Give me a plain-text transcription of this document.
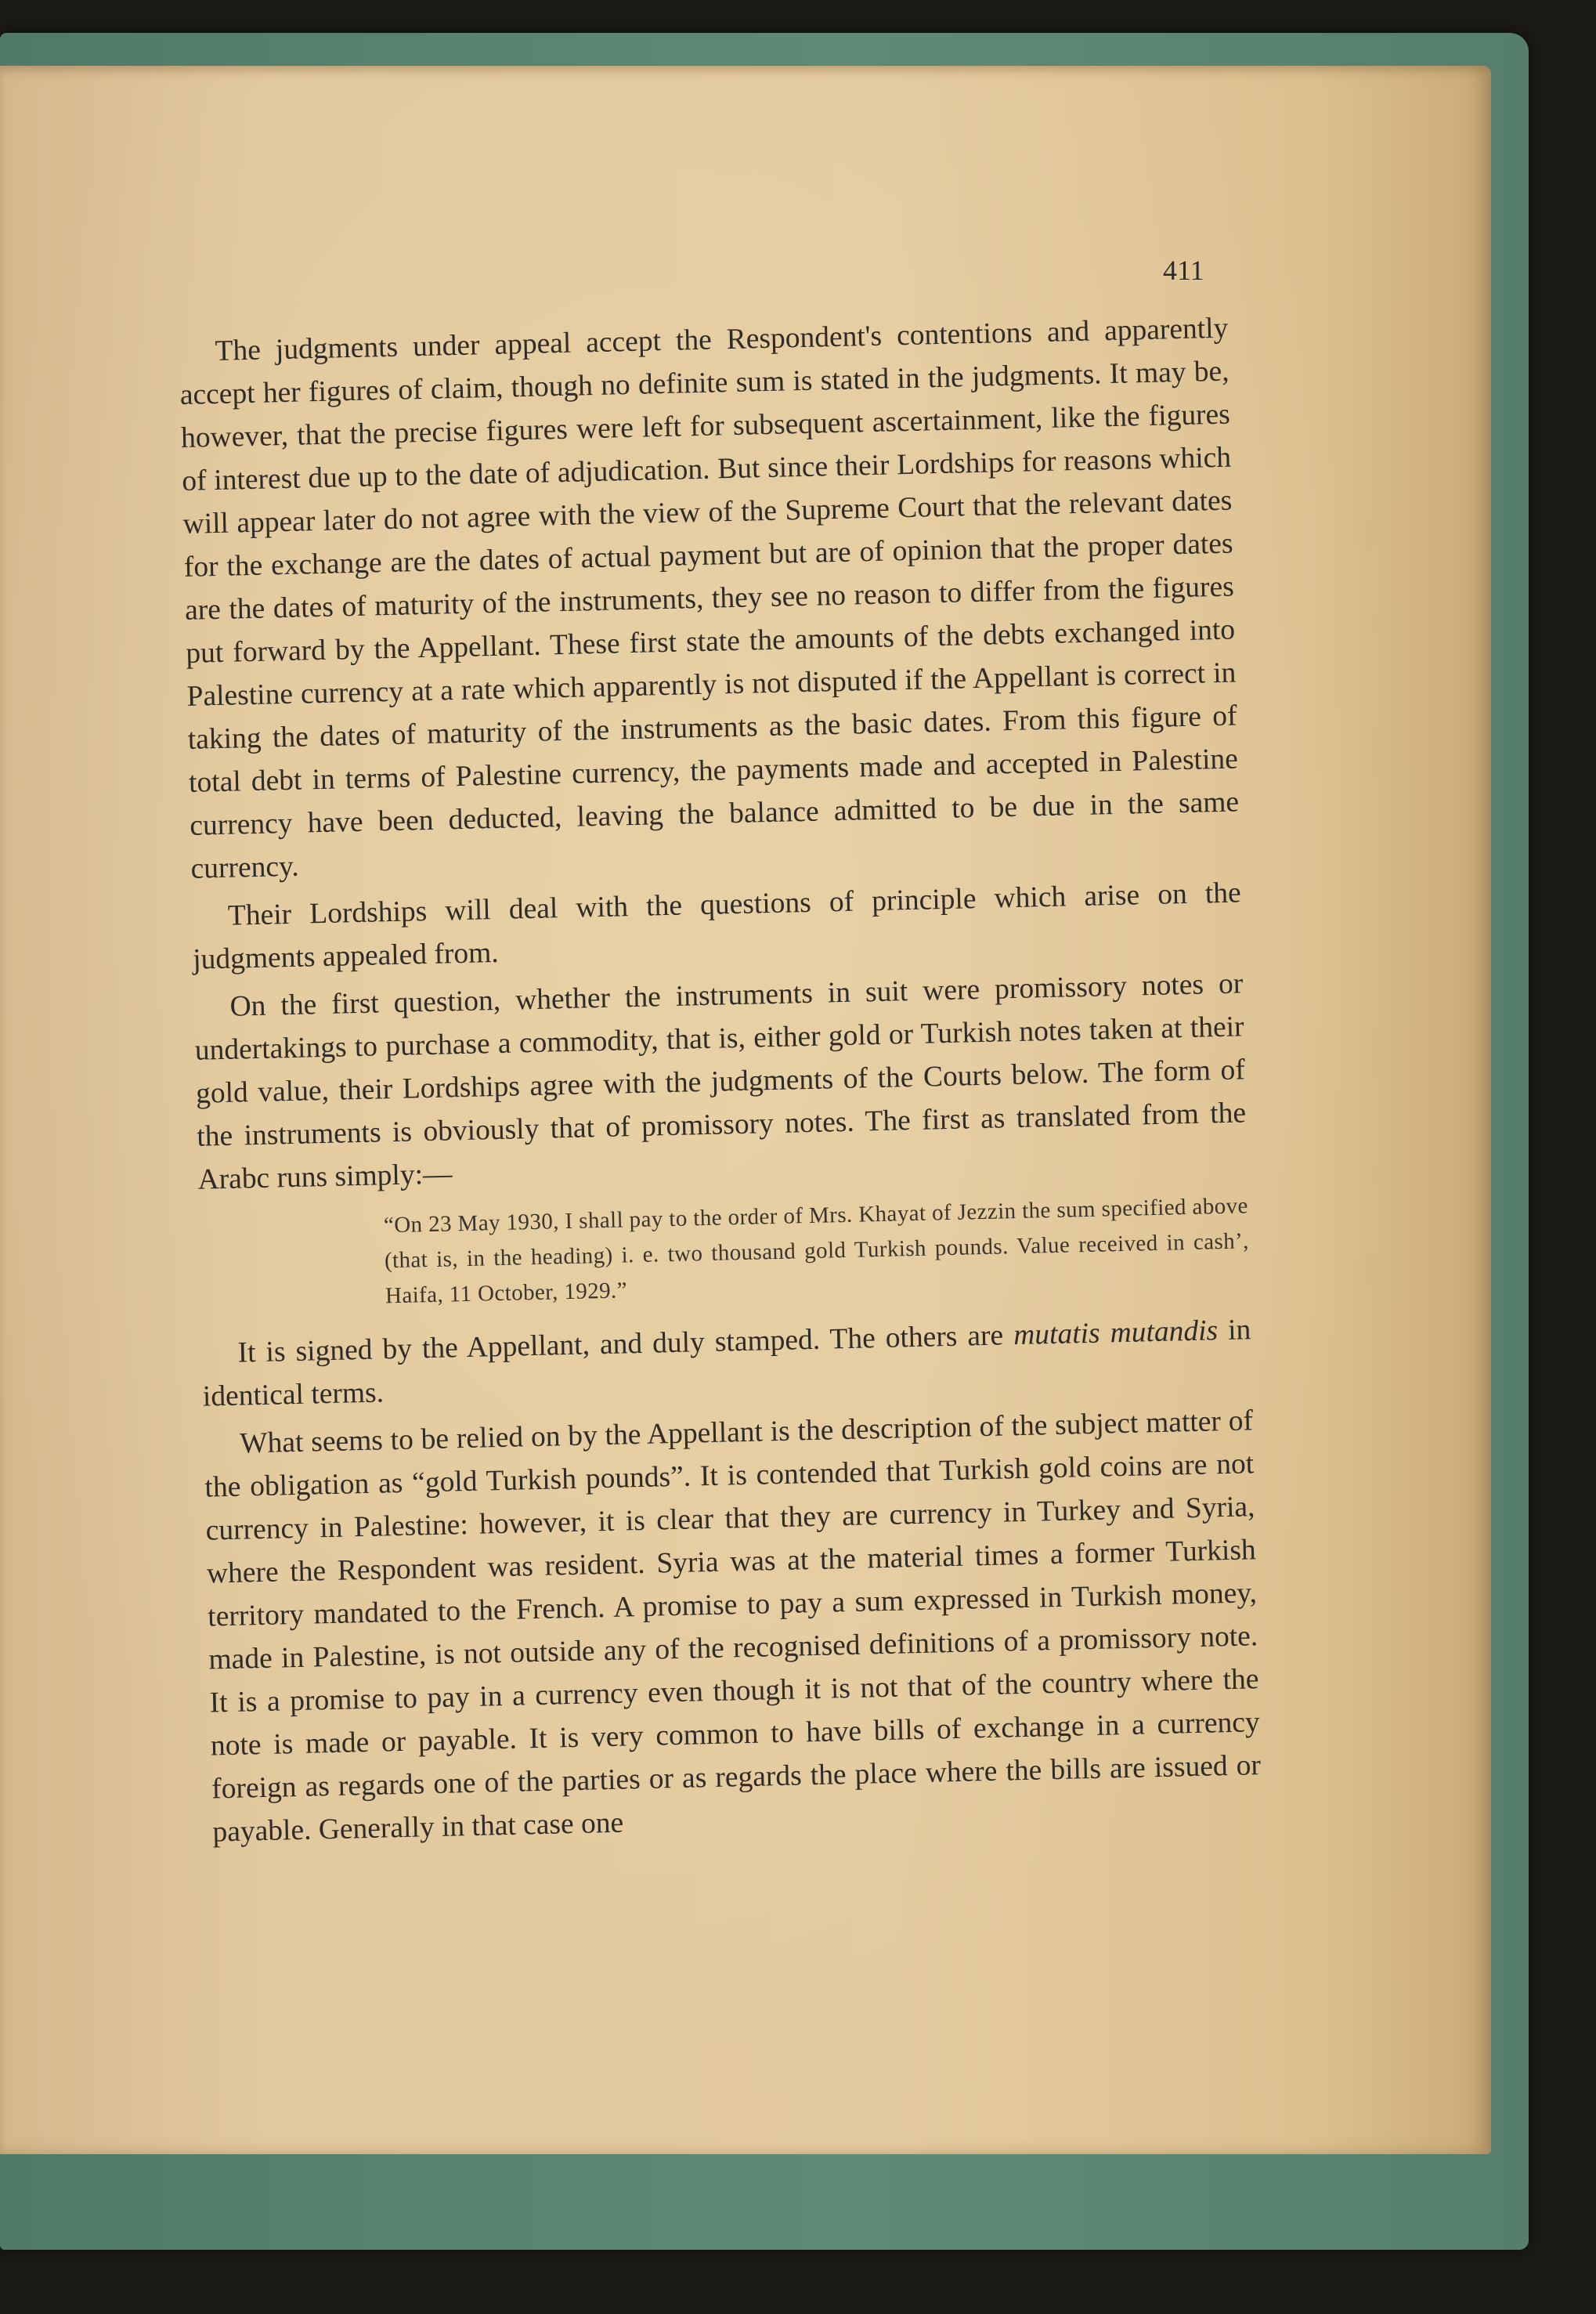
411

The judgments under appeal accept the Respondent's contentions and apparently accept her figures of claim, though no definite sum is stated in the judgments. It may be, however, that the precise figures were left for subsequent ascertainment, like the figures of interest due up to the date of adjudication. But since their Lordships for reasons which will appear later do not agree with the view of the Supreme Court that the relevant dates for the exchange are the dates of actual payment but are of opinion that the proper dates are the dates of maturity of the instruments, they see no reason to differ from the figures put forward by the Appellant. These first state the amounts of the debts exchanged into Palestine currency at a rate which apparently is not disputed if the Appellant is correct in taking the dates of maturity of the instruments as the basic dates. From this figure of total debt in terms of Palestine currency, the payments made and accepted in Palestine currency have been deducted, leaving the balance admitted to be due in the same currency.

Their Lordships will deal with the questions of principle which arise on the judgments appealed from.

On the first question, whether the instruments in suit were promissory notes or undertakings to purchase a commodity, that is, either gold or Turkish notes taken at their gold value, their Lordships agree with the judgments of the Courts below. The form of the instruments is obviously that of promissory notes. The first as translated from the Arabc runs simply:—

“On 23 May 1930, I shall pay to the order of Mrs. Khayat of Jezzin the sum specified above (that is, in the heading) i. e. two thousand gold Turkish pounds. Value received in cash’, Haifa, 11 October, 1929.”

It is signed by the Appellant, and duly stamped. The others are mutatis mutandis in identical terms.

What seems to be relied on by the Appellant is the description of the subject matter of the obligation as “gold Turkish pounds”. It is contended that Turkish gold coins are not currency in Palestine: however, it is clear that they are currency in Turkey and Syria, where the Respondent was resident. Syria was at the material times a former Turkish territory mandated to the French. A promise to pay a sum expressed in Turkish money, made in Palestine, is not outside any of the recognised definitions of a promissory note. It is a promise to pay in a currency even though it is not that of the country where the note is made or payable. It is very common to have bills of exchange in a currency foreign as regards one of the parties or as regards the place where the bills are issued or payable. Generally in that case one
